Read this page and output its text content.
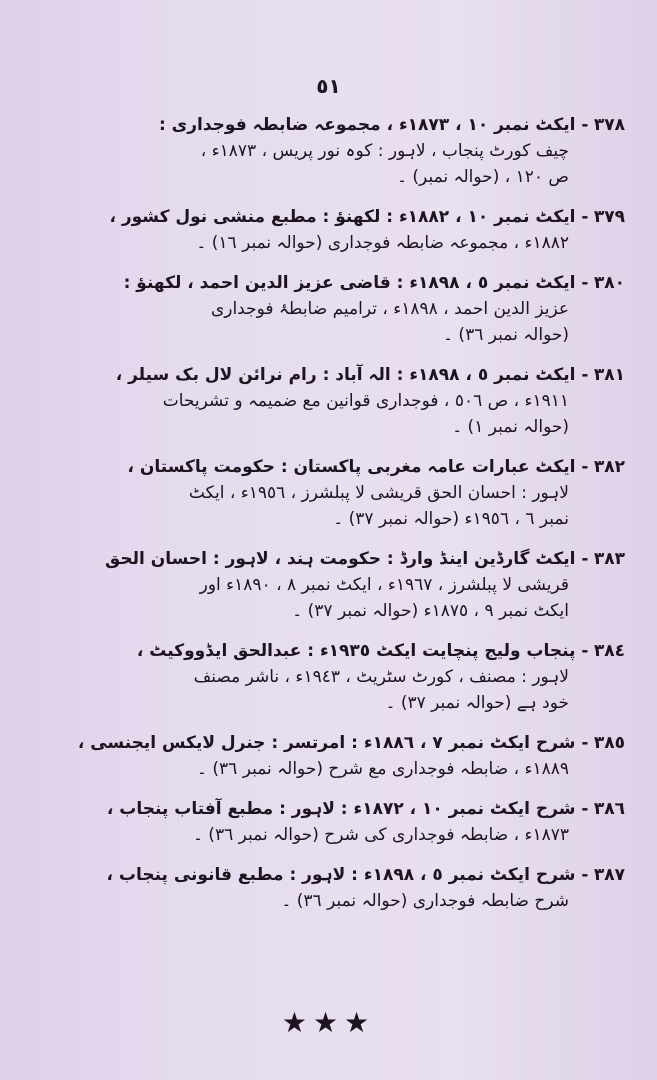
٥١
٣٧٨ - ایکٹ نمبر ١٠ ، ١٨٧٣ء ، مجموعہ ضابطہ فوجداری :
چیف کورٹ پنجاب ، لاہور : کوہ نور پریس ، ١٨٧٣ء ،
ص ١٢٠ ، (حوالہ نمبر) ۔
٣٧٩ - ایکٹ نمبر ١٠ ، ١٨٨٢ء : لکھنؤ : مطبع منشی نول کشور ،
١٨٨٢ء ، مجموعہ ضابطہ فوجداری (حوالہ نمبر ١٦) ۔
٣٨٠ - ایکٹ نمبر ٥ ، ١٨٩٨ء : قاضی عزیز الدین احمد ، لکھنؤ :
عزیز الدین احمد ، ١٨٩٨ء ، ترامیم ضابطۂ فوجداری
(حوالہ نمبر ٣٦) ۔
٣٨١ - ایکٹ نمبر ٥ ، ١٨٩٨ء : الہ آباد : رام نرائن لال بک سیلر ،
١٩١١ء ، ص ٥٠٦ ، فوجداری قوانین مع ضمیمہ و تشریحات
(حوالہ نمبر ١) ۔
٣٨٢ - ایکٹ عبارات عامہ مغربی پاکستان : حکومت پاکستان ،
لاہور : احسان الحق قریشی لا پبلشرز ، ١٩٥٦ء ، ایکٹ
نمبر ٦ ، ١٩٥٦ء (حوالہ نمبر ٣٧) ۔
٣٨٣ - ایکٹ گارڈین اینڈ وارڈ : حکومت ہند ، لاہور : احسان الحق
قریشی لا پبلشرز ، ١٩٦٧ء ، ایکٹ نمبر ٨ ، ١٨٩٠ء اور
ایکٹ نمبر ٩ ، ١٨٧٥ء (حوالہ نمبر ٣٧) ۔
٣٨٤ - پنجاب ولیج پنچایت ایکٹ ١٩٣٥ء : عبدالحق ایڈووکیٹ ،
لاہور : مصنف ، کورٹ سٹریٹ ، ١٩٤٣ء ، ناشر مصنف
خود ہے (حوالہ نمبر ٣٧) ۔
٣٨٥ - شرح ایکٹ نمبر ٧ ، ١٨٨٦ء : امرتسر : جنرل لایکس ایجنسی ،
١٨٨٩ء ، ضابطہ فوجداری مع شرح (حوالہ نمبر ٣٦) ۔
٣٨٦ - شرح ایکٹ نمبر ١٠ ، ١٨٧٢ء : لاہور : مطبع آفتاب پنجاب ،
١٨٧٣ء ، ضابطہ فوجداری کی شرح (حوالہ نمبر ٣٦) ۔
٣٨٧ - شرح ایکٹ نمبر ٥ ، ١٨٩٨ء : لاہور : مطبع قانونی پنجاب ،
شرح ضابطہ فوجداری (حوالہ نمبر ٣٦) ۔
★★★
